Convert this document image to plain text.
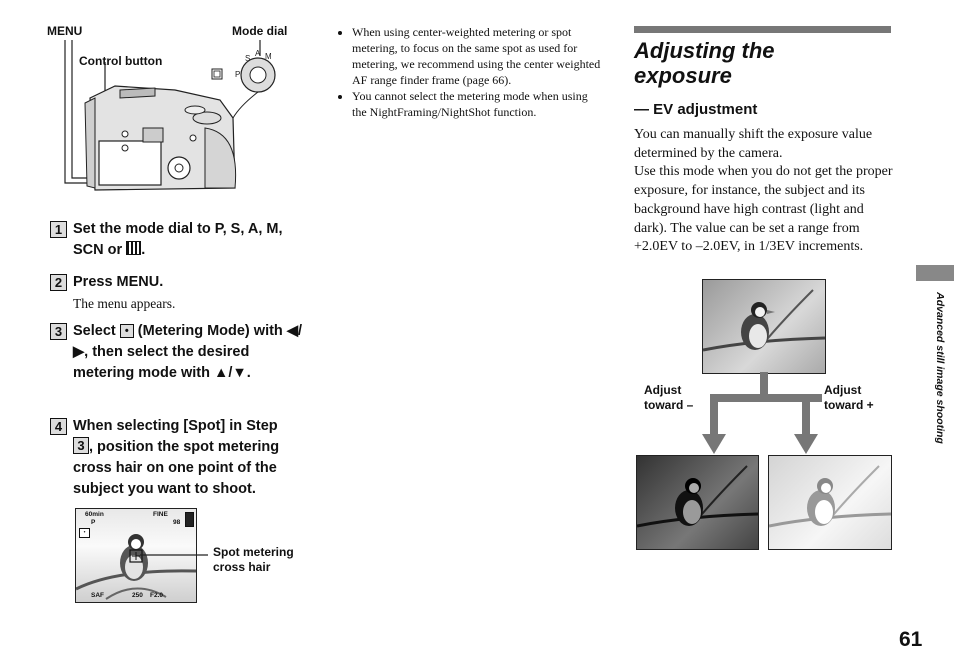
MENU	Mode dial
Control button
P
S
A M
1 Set the mode dial to P, S, A, M, SCN or .
2 Press MENU.
The menu appears.
3 Select • (Metering Mode) with ◀/▶, then select the desired metering mode with ▲/▼.
4 When selecting [Spot] in Step
3 , position the spot metering cross hair on one point of the subject you want to shoot.
60min
P
•
FINE
98
SAF	250 F2.0
Spot metering
cross hair
• When using center-weighted metering or spot metering, to focus on the same spot as used for metering, we recommend using the center weighted AF range finder frame (page 66).
• You cannot select the metering mode when using the NightFraming/NightShot function.
Adjusting the
exposure
— EV adjustment
You can manually shift the exposure value determined by the camera.
Use this mode when you do not get the proper exposure, for instance, the subject and its background have high contrast (light and dark). The value can be set a range from +2.0EV to –2.0EV, in 1/3EV increments.
Adjust
toward –
Adjust
toward +	Advanced still image shooting
61
